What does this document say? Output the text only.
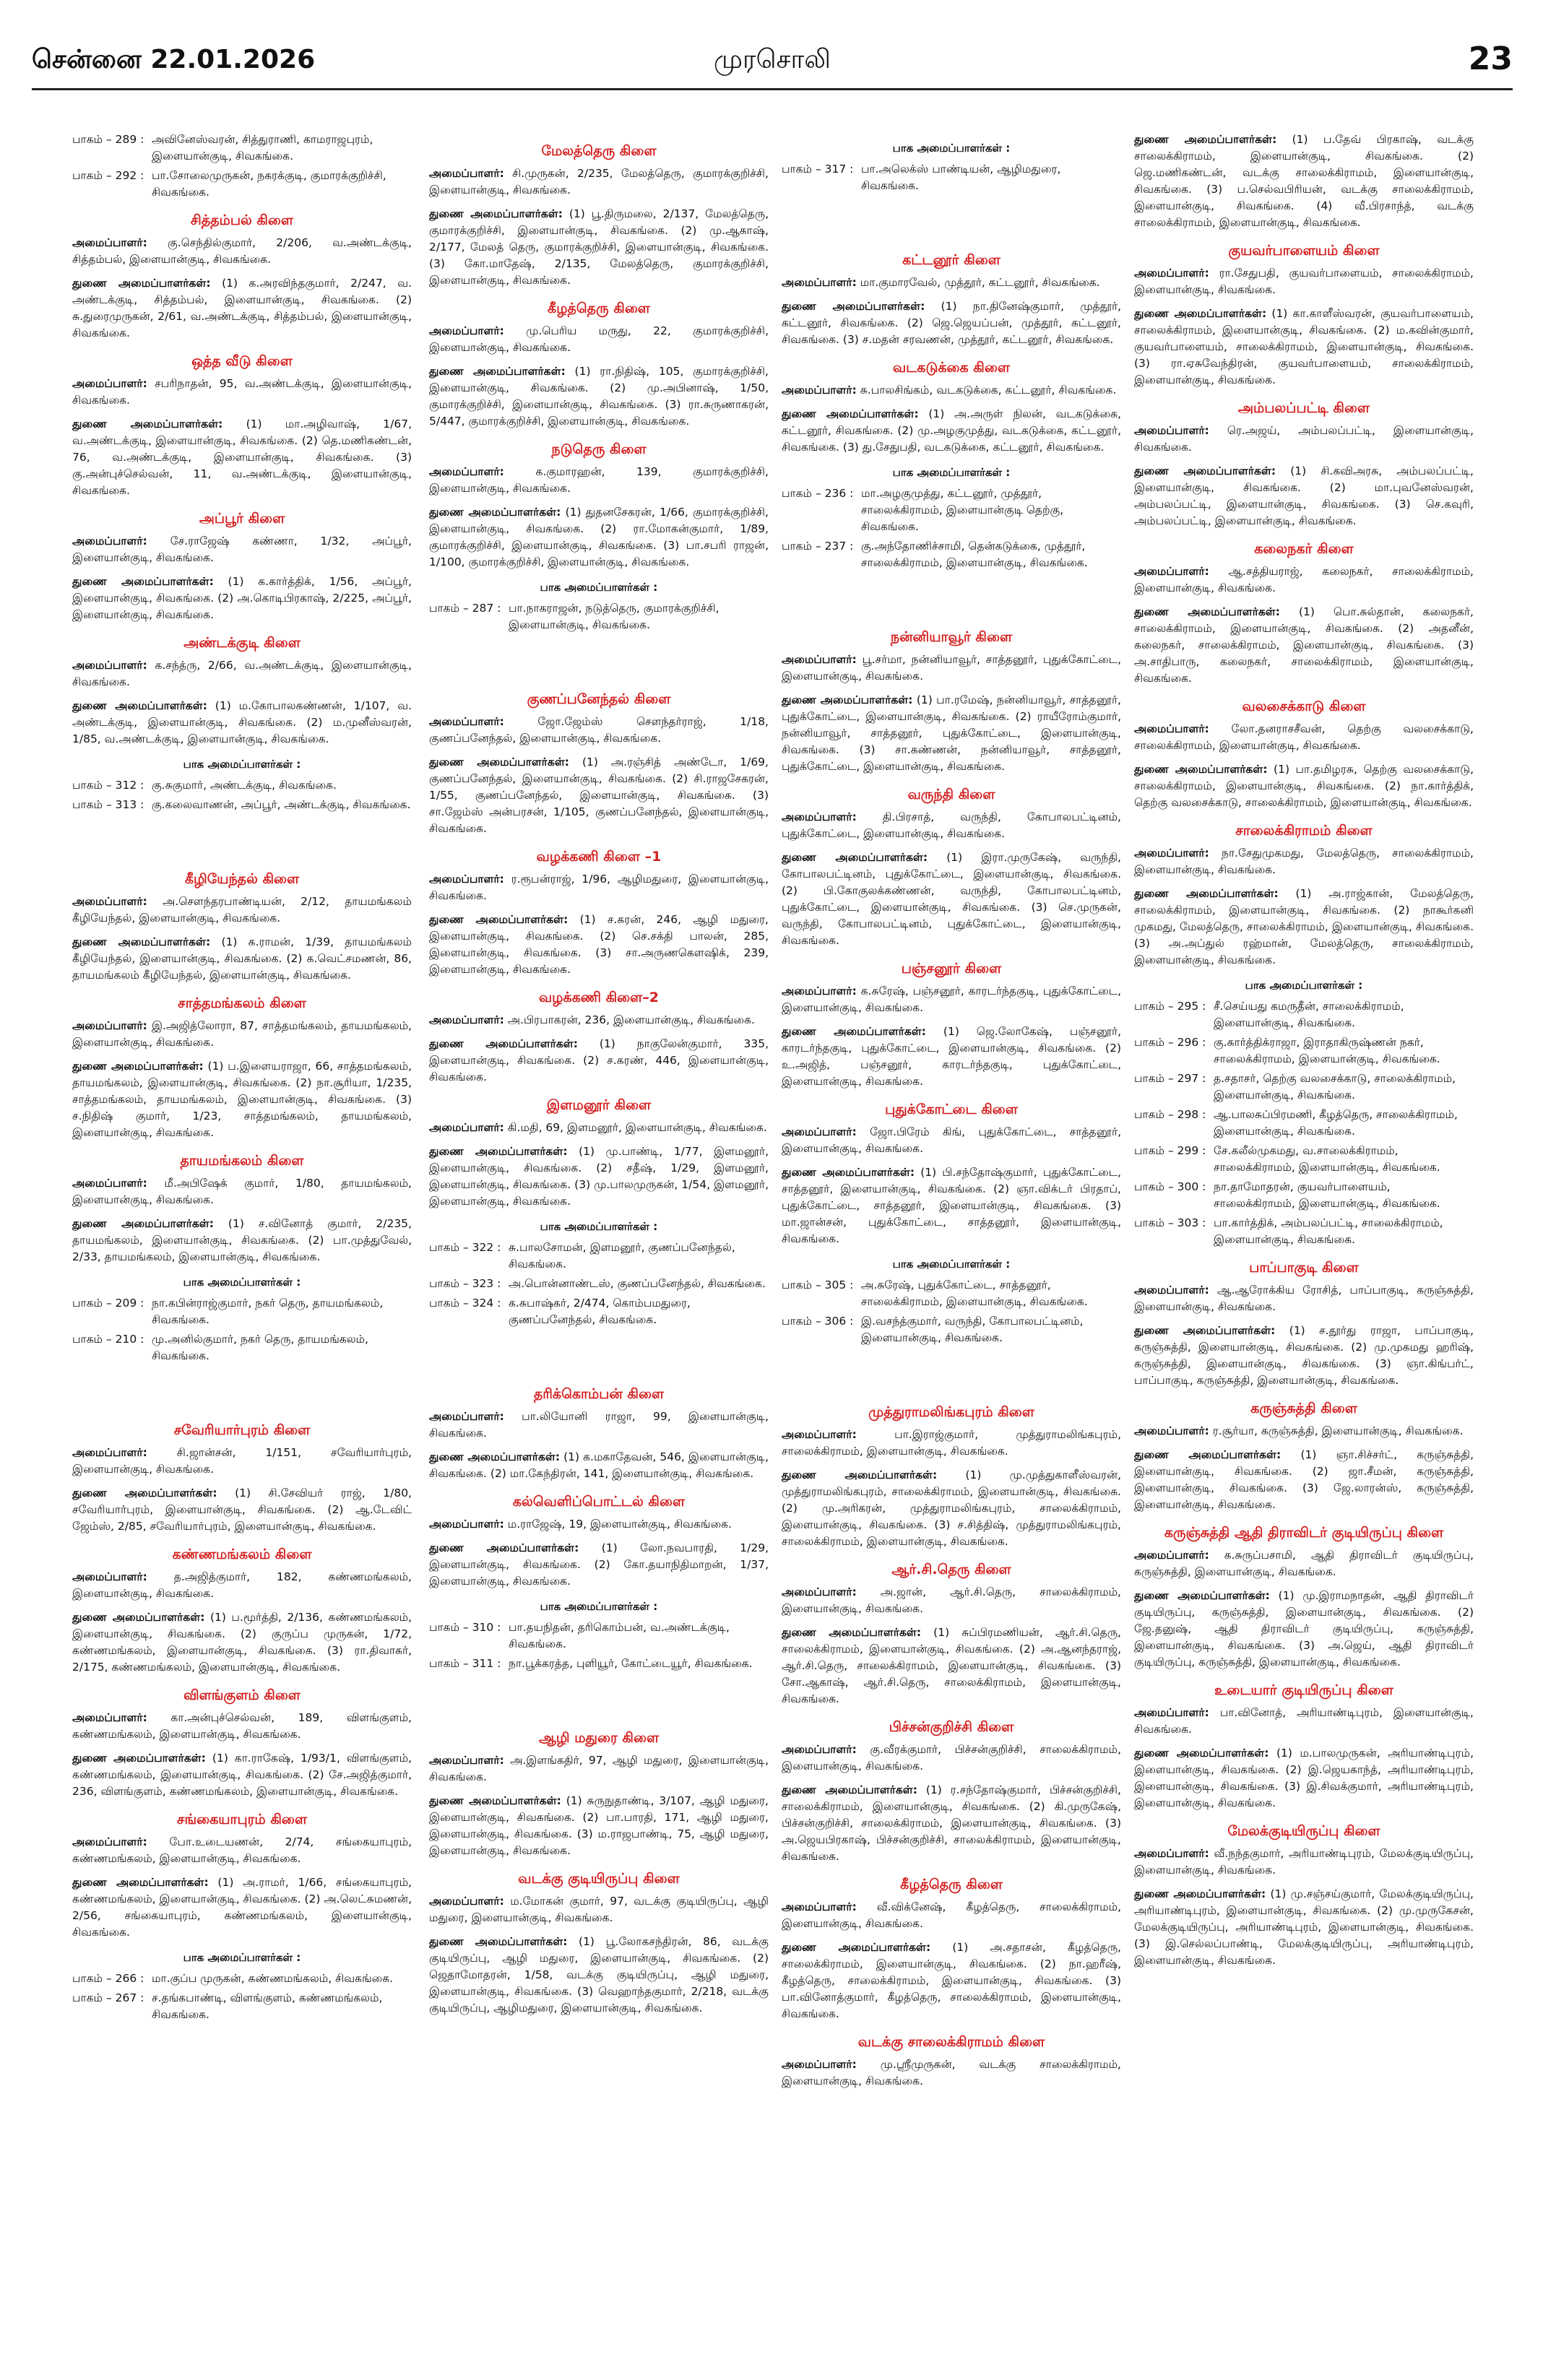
முரசொலி
சென்னை 22.01.2026	23
பாகம் – 289 : அவினேஸ்வரன், சித்துராணி, காமராஜபுரம், இளையான்குடி, சிவகங்கை.
பாகம் – 292 : பா.சோலைமுருகன், நகரக்குடி, குமாரக்குறிச்சி, சிவகங்கை.
சித்தம்பல் கிளை

அமைப்பாளர்: கு.செந்தில்குமார், 2/206, வ.அண்டக்குடி, சித்தம்பல், இளையான்குடி, சிவகங்கை.

துணை அமைப்பாளர்கள்: (1) க.அரவிந்தகுமார், 2/247, வ. அண்டக்குடி, சித்தம்பல், இளையான்குடி, சிவகங்கை. (2) சு.துரைமுருகன், 2/61, வ.அண்டக்குடி, சித்தம்பல், இளையான்குடி, சிவகங்கை.

ஒத்த வீடு கிளை

அமைப்பாளர்: சபரிநாதன், 95, வ.அண்டக்குடி, இளையான்குடி, சிவகங்கை.

துணை அமைப்பாளர்கள்: (1) மா.அழிவாஷ், 1/67, வ.அண்டக்குடி, இளையான்குடி, சிவகங்கை. (2) தெ.மணிகண்டன், 76, வ.அண்டக்குடி, இளையான்குடி, சிவகங்கை. (3) கு.அன்புச்செல்வன், 11, வ.அண்டக்குடி, இளையான்குடி, சிவகங்கை.

அப்பூர் கிளை

அமைப்பாளர்: சே.ராஜேஷ் கண்ணா, 1/32, அப்பூர், இளையான்குடி, சிவகங்கை.

துணை அமைப்பாளர்கள்: (1) க.கார்த்திக், 1/56, அப்பூர், இளையான்குடி, சிவகங்கை. (2) அ.கொடிபிரகாஷ், 2/225, அப்பூர், இளையான்குடி, சிவகங்கை.

அண்டக்குடி கிளை

அமைப்பாளர்: க.சந்த்ரு, 2/66, வ.அண்டக்குடி, இளையான்குடி, சிவகங்கை.

துணை அமைப்பாளர்கள்: (1) ம.கோபாலகண்ணன், 1/107, வ. அண்டக்குடி, இளையான்குடி, சிவகங்கை. (2) ம.முனீஸ்வரன், 1/85, வ.அண்டக்குடி, இளையான்குடி, சிவகங்கை.

பாக அமைப்பாளர்கள் :
பாகம் – 312 : கு.சுகுமார், அண்டக்குடி, சிவகங்கை.
பாகம் – 313 : கு.கலைவாணன், அப்பூர், அண்டக்குடி, சிவகங்கை.
கீழியேந்தல் கிளை

அமைப்பாளர்: அ.சௌந்தரபாண்டியன், 2/12, தாயமங்கலம் கீழியேந்தல், இளையான்குடி, சிவகங்கை.

துணை அமைப்பாளர்கள்: (1) க.ராமன், 1/39, தாயமங்கலம் கீழியேந்தல், இளையான்குடி, சிவகங்கை. (2) க.வெட்சமணன், 86, தாயமங்கலம் கீழியேந்தல், இளையான்குடி, சிவகங்கை.

சாத்தமங்கலம் கிளை

அமைப்பாளர்: இ.அஜித்லோரா, 87, சாத்தமங்கலம், தாயமங்கலம், இளையான்குடி, சிவகங்கை.

துணை அமைப்பாளர்கள்: (1) ப.இளையராஜா, 66, சாத்தமங்கலம், தாயமங்கலம், இளையான்குடி, சிவகங்கை. (2) நா.சூரியா, 1/235, சாத்தமங்கலம், தாயமங்கலம், இளையான்குடி, சிவகங்கை. (3) ச.நிதிஷ் குமார், 1/23, சாத்தமங்கலம், தாயமங்கலம், இளையான்குடி, சிவகங்கை.

தாயமங்கலம் கிளை

அமைப்பாளர்: மீ.அபிஷேக் குமார், 1/80, தாயமங்கலம், இளையான்குடி, சிவகங்கை.

துணை அமைப்பாளர்கள்: (1) ச.வினோத் குமார், 2/235, தாயமங்கலம், இளையான்குடி, சிவகங்கை. (2) பா.முத்துவேல், 2/33, தாயமங்கலம், இளையான்குடி, சிவகங்கை.

பாக அமைப்பாளர்கள் :
பாகம் – 209 : நா.கபின்ராஜ்குமார், நகர் தெரு, தாயமங்கலம், சிவகங்கை.
பாகம் – 210 : மு.அனில்குமார், நகர் தெரு, தாயமங்கலம், சிவகங்கை.
சவேரியார்புரம் கிளை

அமைப்பாளர்:	சி.ஜான்சன், 1/151, சவேரியார்புரம், இளையான்குடி, சிவகங்கை.

துணை அமைப்பாளர்கள்: (1) சி.சேவியர் ராஜ், 1/80, சவேரியார்புரம், இளையான்குடி, சிவகங்கை. (2) ஆ.டேவிட் ஜேம்ஸ், 2/85, சவேரியார்புரம், இளையான்குடி, சிவகங்கை.

கண்ணமங்கலம் கிளை

அமைப்பாளர்: த.அஜித்குமார், 182, கண்ணமங்கலம், இளையான்குடி, சிவகங்கை.

துணை அமைப்பாளர்கள்: (1) ப.மூர்த்தி, 2/136, கண்ணமங்கலம், இளையான்குடி, சிவகங்கை. (2) குருப்ப முருகன், 1/72, கண்ணமங்கலம், இளையான்குடி, சிவகங்கை. (3) ரா.திவாகர், 2/175, கண்ணமங்கலம், இளையான்குடி, சிவகங்கை.

விளங்குளம் கிளை

அமைப்பாளர்: கா.அன்புச்செல்வன், 189, விளங்குளம், கண்ணமங்கலம், இளையான்குடி, சிவகங்கை.

துணை அமைப்பாளர்கள்: (1) கா.ராகேஷ், 1/93/1, விளங்குளம், கண்ணமங்கலம், இளையான்குடி, சிவகங்கை. (2) சே.அஜித்குமார், 236, விளங்குளம், கண்ணமங்கலம், இளையான்குடி, சிவகங்கை.

சங்கையாபுரம் கிளை

அமைப்பாளர்: போ.உடையணன், 2/74, சங்கையாபுரம், கண்ணமங்கலம், இளையான்குடி, சிவகங்கை.

துணை அமைப்பாளர்கள்: (1) அ.ராமர், 1/66, சங்கையாபுரம், கண்ணமங்கலம், இளையான்குடி, சிவகங்கை. (2) அ.லெட்சுமணன், 2/56, சங்கையாபுரம், கண்ணமங்கலம், இளையான்குடி, சிவகங்கை.

பாக அமைப்பாளர்கள் :
பாகம் – 266 : மா.குப்ப முருகன், கண்ணமங்கலம், சிவகங்கை.
பாகம் – 267 : ச.தங்கபாண்டி, விளங்குளம், கண்ணமங்கலம், சிவகங்கை.
மேலத்தெரு கிளை

அமைப்பாளர்: சி.முருகன், 2/235, மேலத்தெரு, குமாரக்குறிச்சி, இளையான்குடி, சிவகங்கை.

துணை அமைப்பாளர்கள்: (1) பூ.திருமலை, 2/137, மேலத்தெரு, குமாரக்குறிச்சி, இளையான்குடி, சிவகங்கை. (2) மு.ஆகாஷ், 2/177, மேலத் தெரு, குமாரக்குறிச்சி, இளையான்குடி, சிவகங்கை. (3) கோ.மாதேஷ், 2/135, மேலத்தெரு, குமாரக்குறிச்சி, இளையான்குடி, சிவகங்கை.

கீழத்தெரு கிளை

அமைப்பாளர்: மு.பெரிய மருது, 22, குமாரக்குறிச்சி, இளையான்குடி, சிவகங்கை.

துணை அமைப்பாளர்கள்: (1) ரா.நிதிஷ், 105, குமாரக்குறிச்சி, இளையான்குடி, சிவகங்கை. (2) மு.அபினாஷ், 1/50, குமாரக்குறிச்சி, இளையான்குடி, சிவகங்கை. (3) ரா.சுருணாகரன், 5/447, குமாரக்குறிச்சி, இளையான்குடி, சிவகங்கை.

நடுதெரு கிளை

அமைப்பாளர்:	க.குமாரஹன், 139, குமாரக்குறிச்சி, இளையான்குடி, சிவகங்கை.

துணை அமைப்பாளர்கள்: (1) துதனசேகரன், 1/66, குமாரக்குறிச்சி, இளையான்குடி, சிவகங்கை. (2) ரா.மோகன்குமார், 1/89, குமாரக்குறிச்சி, இளையான்குடி, சிவகங்கை. (3) பா.சபரி ராஜன், 1/100, குமாரக்குறிச்சி, இளையான்குடி, சிவகங்கை.

பாக அமைப்பாளர்கள் :
பாகம் – 287 : பா.நாகராஜன், நடுத்தெரு, குமாரக்குறிச்சி, இளையான்குடி, சிவகங்கை.
குணப்பனேந்தல் கிளை

அமைப்பாளர்:	ஜோ.ஜேம்ஸ் சௌந்தர்ராஜ், 1/18, குணப்பனேந்தல், இளையான்குடி, சிவகங்கை.

துணை அமைப்பாளர்கள்: (1) அ.ரஞ்சித் அண்டோ, 1/69, குணப்பனேந்தல், இளையான்குடி, சிவகங்கை. (2) சி.ராஜசேகரன், 1/55, குணப்பனேந்தல், இளையான்குடி, சிவகங்கை. (3) சா.ஜேம்ஸ் அன்பரசன், 1/105, குணப்பனேந்தல், இளையான்குடி, சிவகங்கை.

வழக்கணி கிளை –1

அமைப்பாளர்: ர.ரூபன்ராஜ், 1/96, ஆழிமதுரை, இளையான்குடி, சிவகங்கை.

துணை அமைப்பாளர்கள்: (1) ச.கரன், 246, ஆழி மதுரை, இளையான்குடி, சிவகங்கை. (2) செ.சக்தி பாலன், 285, இளையான்குடி, சிவகங்கை. (3) சா.அருணகௌஷிக், 239, இளையான்குடி, சிவகங்கை.

வழக்கணி கிளை–2

அமைப்பாளர்: அ.பிரபாகரன், 236, இளையான்குடி, சிவகங்கை.

துணை அமைப்பாளர்கள்: (1) நாகுலேன்குமார், 335, இளையான்குடி, சிவகங்கை. (2) ச.கரண், 446, இளையான்குடி, சிவகங்கை.

இளமனூர் கிளை

அமைப்பாளர்: கி.மதி, 69, இளமனூர், இளையான்குடி, சிவகங்கை.

துணை அமைப்பாளர்கள்: (1) மு.பாண்டி, 1/77, இளமனூர், இளையான்குடி, சிவகங்கை. (2) சதீஷ், 1/29, இளமனூர், இளையான்குடி, சிவகங்கை. (3) மு.பாலமுருகன், 1/54, இளமனூர், இளையான்குடி, சிவகங்கை.

பாக அமைப்பாளர்கள் :
பாகம் – 322 : சு.பாலசோமன், இளமனூர், குணப்பனேந்தல், சிவகங்கை.
பாகம் – 323 : அ.பொன்னாண்டஸ், குணப்பனேந்தல், சிவகங்கை.
பாகம் – 324 : க.சுபாஷ்கர், 2/474, கொம்பமதுரை, குணப்பனேந்தல், சிவகங்கை.
தரிக்கொம்பன் கிளை

அமைப்பாளர்: பா.லியோனி ராஜா, 99, இளையான்குடி, சிவகங்கை.

துணை அமைப்பாளர்கள்: (1) க.மகாதேவன், 546, இளையான்குடி, சிவகங்கை. (2) மா.கேந்திரன், 141, இளையான்குடி, சிவகங்கை.

கல்வெளிப்பொட்டல் கிளை

அமைப்பாளர்: ம.ராஜேஷ், 19, இளையான்குடி, சிவகங்கை.

துணை அமைப்பாளர்கள்: (1) லோ.நவபாரதி, 1/29, இளையான்குடி, சிவகங்கை. (2) கோ.தயாநிதிமாறன், 1/37, இளையான்குடி, சிவகங்கை.

பாக அமைப்பாளர்கள் :
பாகம் – 310 : பா.தயநிதன், தரிகொம்பன், வ.அண்டக்குடி, சிவகங்கை.
பாகம் – 311 : நா.பூக்கரத்த, புளியூர், கோட்டையூர், சிவகங்கை.
ஆழி மதுரை கிளை

அமைப்பாளர்: அ.இளங்கதிர், 97, ஆழி மதுரை, இளையான்குடி, சிவகங்கை.

துணை அமைப்பாளர்கள்: (1) சுருநுதாண்டி, 3/107, ஆழி மதுரை, இளையான்குடி, சிவகங்கை. (2) பா.பாரதி, 171, ஆழி மதுரை, இளையான்குடி, சிவகங்கை. (3) ம.ராஜபாண்டி, 75, ஆழி மதுரை, இளையான்குடி, சிவகங்கை.

வடக்கு குடியிருப்பு கிளை

அமைப்பாளர்: ம.மோகன் குமார், 97, வடக்கு குடியிருப்பு, ஆழி மதுரை, இளையான்குடி, சிவகங்கை.

துணை அமைப்பாளர்கள்: (1) பூ.லோகசந்திரன், 86, வடக்கு குடியிருப்பு, ஆழி மதுரை, இளையான்குடி, சிவகங்கை. (2) ஜெதாமோதரன், 1/58, வடக்கு குடியிருப்பு, ஆழி மதுரை, இளையான்குடி, சிவகங்கை. (3) வெஹாந்தகுமார், 2/218, வடக்கு குடியிருப்பு, ஆழிமதுரை, இளையான்குடி, சிவகங்கை.

பாக அமைப்பாளர்கள் :
பாகம் – 317 : பா.அலெக்ஸ் பாண்டியன், ஆழிமதுரை, சிவகங்கை.
கட்டனூர் கிளை

அமைப்பாளர்: மா.குமாரவேல், முத்தூர், கட்டனூர், சிவகங்கை.

துணை அமைப்பாளர்கள்: (1) நா.தினேஷ்குமார், முத்தூர், கட்டனூர், சிவகங்கை. (2) ஜெ.ஜெயப்பன், முத்தூர், கட்டனூர், சிவகங்கை. (3) ச.மதன் சரவணன், முத்தூர், கட்டனூர், சிவகங்கை.

வடகடுக்கை கிளை

அமைப்பாளர்: சு.பாலசிங்கம், வடகடுக்கை, கட்டனூர், சிவகங்கை.

துணை அமைப்பாளர்கள்: (1) அ.அருள் நிலன், வடகடுக்கை, கட்டனூர், சிவகங்கை. (2) மு.அழகுமுத்து, வடகடுக்கை, கட்டனூர், சிவகங்கை. (3) து.சேதுபதி, வடகடுக்கை, கட்டனூர், சிவகங்கை.

பாக அமைப்பாளர்கள் :
பாகம் – 236 : மா.அழகுமுத்து, கட்டனூர், முத்தூர், சாலைக்கிராமம், இளையான்குடி தெற்கு, சிவகங்கை.
பாகம் – 237 : கு.அந்தோணிச்சாமி, தென்கடுக்கை, முத்தூர், சாலைக்கிராமம், இளையான்குடி, சிவகங்கை.
நன்னியாவூர் கிளை

அமைப்பாளர்: பூ.சர்மா, நன்னியாவூர், சாத்தனூர், புதுக்கோட்டை, இளையான்குடி, சிவகங்கை.

துணை அமைப்பாளர்கள்: (1) பா.ரமேஷ், நன்னியாவூர், சாத்தனூர், புதுக்கோட்டை, இளையான்குடி, சிவகங்கை. (2) ராயீரோம்குமார், நன்னியாவூர், சாத்தனூர், புதுக்கோட்டை, இளையான்குடி, சிவகங்கை. (3) சா.கண்ணன், நன்னியாவூர், சாத்தனூர், புதுக்கோட்டை, இளையான்குடி, சிவகங்கை.

வருந்தி கிளை

அமைப்பாளர்: தி.பிரசாத், வருந்தி, கோபாலபட்டினம், புதுக்கோட்டை, இளையான்குடி, சிவகங்கை.

துணை அமைப்பாளர்கள்: (1) இரா.முருகேஷ், வருந்தி, கோபாலபட்டினம், புதுக்கோட்டை, இளையான்குடி, சிவகங்கை. (2) பி.கோகுலக்கண்ணன், வருந்தி, கோபாலபட்டினம், புதுக்கோட்டை, இளையான்குடி, சிவகங்கை. (3) செ.முருகன், வருந்தி, கோபாலபட்டினம், புதுக்கோட்டை, இளையான்குடி, சிவகங்கை.

பஞ்சனூர் கிளை

அமைப்பாளர்: க.சுரேஷ், பஞ்சனூர், காரடர்ந்தகுடி, புதுக்கோட்டை, இளையான்குடி, சிவகங்கை.

துணை அமைப்பாளர்கள்: (1) ஜெ.லோகேஷ், பஞ்சனூர், காரடர்ந்தகுடி, புதுக்கோட்டை, இளையான்குடி, சிவகங்கை. (2) உ.அஜித், பஞ்சனூர், காரடர்ந்தகுடி, புதுக்கோட்டை, இளையான்குடி, சிவகங்கை.

புதுக்கோட்டை கிளை

அமைப்பாளர்: ஜோ.பிரேம் கிங், புதுக்கோட்டை, சாத்தனூர், இளையான்குடி, சிவகங்கை.

துணை அமைப்பாளர்கள்: (1) பி.சந்தோஷ்குமார், புதுக்கோட்டை, சாத்தனூர், இளையான்குடி, சிவகங்கை. (2) ஞா.விக்டர் பிரதாப், புதுக்கோட்டை, சாத்தனூர், இளையான்குடி, சிவகங்கை. (3) மா.ஜான்சன், புதுக்கோட்டை, சாத்தனூர், இளையான்குடி, சிவகங்கை.

பாக அமைப்பாளர்கள் :
பாகம் – 305 : அ.சுரேஷ், புதுக்கோட்டை, சாத்தனூர், சாலைக்கிராமம், இளையான்குடி, சிவகங்கை.
பாகம் – 306 : இ.வசந்த்குமார், வருந்தி, கோபாலபட்டினம், இளையான்குடி, சிவகங்கை.
முத்துராமலிங்கபுரம் கிளை

அமைப்பாளர்:	பா.இராஜ்குமார், முத்துராமலிங்கபுரம், சாலைக்கிராமம், இளையான்குடி, சிவகங்கை.

துணை அமைப்பாளர்கள்:	(1) மு.முத்துகாளீஸ்வரன், முத்துராமலிங்கபுரம், சாலைக்கிராமம், இளையான்குடி, சிவகங்கை. (2) மு.அரிகரன், முத்துராமலிங்கபுரம், சாலைக்கிராமம், இளையான்குடி, சிவகங்கை. (3) ச.சித்திஷ், முத்துராமலிங்கபுரம், சாலைக்கிராமம், இளையான்குடி, சிவகங்கை.

ஆர்.சி.தெரு கிளை

அமைப்பாளர்: அ.ஜான், ஆர்.சி.தெரு, சாலைக்கிராமம், இளையான்குடி, சிவகங்கை.

துணை அமைப்பாளர்கள்: (1) சுப்பிரமணியன், ஆர்.சி.தெரு, சாலைக்கிராமம், இளையான்குடி, சிவகங்கை. (2) அ.ஆனந்தராஜ், ஆர்.சி.தெரு, சாலைக்கிராமம், இளையான்குடி, சிவகங்கை. (3) சோ.ஆகாஷ், ஆர்.சி.தெரு, சாலைக்கிராமம், இளையான்குடி, சிவகங்கை.

பிச்சன்குறிச்சி கிளை

அமைப்பாளர்: கு.வீரக்குமார், பிச்சன்குறிச்சி, சாலைக்கிராமம், இளையான்குடி, சிவகங்கை.

துணை அமைப்பாளர்கள்: (1) ர.சந்தோஷ்குமார், பிச்சன்குறிச்சி, சாலைக்கிராமம், இளையான்குடி, சிவகங்கை. (2) கி.முருகேஷ், பிச்சன்குறிச்சி, சாலைக்கிராமம், இளையான்குடி, சிவகங்கை. (3) அ.ஜெயபிரகாஷ், பிச்சன்குறிச்சி, சாலைக்கிராமம், இளையான்குடி, சிவகங்கை.

கீழத்தெரு கிளை

அமைப்பாளர்: வீ.விக்னேஷ், கீழத்தெரு, சாலைக்கிராமம், இளையான்குடி, சிவகங்கை.

துணை அமைப்பாளர்கள்: (1) அ.சதாசன், கீழத்தெரு, சாலைக்கிராமம், இளையான்குடி, சிவகங்கை. (2) நா.ஹரீஷ், கீழத்தெரு, சாலைக்கிராமம், இளையான்குடி, சிவகங்கை. (3) பா.வினோத்குமார், கீழத்தெரு, சாலைக்கிராமம், இளையான்குடி, சிவகங்கை.

வடக்கு சாலைக்கிராமம் கிளை

அமைப்பாளர்: மு.ஸ்ரீமுருகன், வடக்கு சாலைக்கிராமம், இளையான்குடி, சிவகங்கை.

துணை அமைப்பாளர்கள்: (1) ப.தேவ் பிரகாஷ், வடக்கு சாலைக்கிராமம், இளையான்குடி, சிவகங்கை. (2) ஜெ.மணிகண்டன், வடக்கு சாலைக்கிராமம், இளையான்குடி, சிவகங்கை. (3) ப.செல்வபிரியன், வடக்கு சாலைக்கிராமம், இளையான்குடி, சிவகங்கை. (4) வீ.பிரசாந்த், வடக்கு சாலைக்கிராமம், இளையான்குடி, சிவகங்கை.

குயவர்பாளையம் கிளை

அமைப்பாளர்: ரா.சேதுபதி, குயவர்பாளையம், சாலைக்கிராமம், இளையான்குடி, சிவகங்கை.

துணை அமைப்பாளர்கள்: (1) கா.காளீஸ்வரன், குயவர்பாளையம், சாலைக்கிராமம், இளையான்குடி, சிவகங்கை. (2) ம.கவின்குமார், குயவர்பாளையம், சாலைக்கிராமம், இளையான்குடி, சிவகங்கை. (3) ரா.ஏசுவேந்திரன், குயவர்பாளையம், சாலைக்கிராமம், இளையான்குடி, சிவகங்கை.

அம்பலப்பட்டி கிளை

அமைப்பாளர்: ரெ.அஜய், அம்பலப்பட்டி, இளையான்குடி, சிவகங்கை.

துணை அமைப்பாளர்கள்: (1) சி.கவிஅரசு, அம்பலப்பட்டி, இளையான்குடி, சிவகங்கை. (2) மா.புவனேஸ்வரன், அம்பலப்பட்டி, இளையான்குடி, சிவகங்கை. (3) செ.கவுரி, அம்பலப்பட்டி, இளையான்குடி, சிவகங்கை.

கலைநகர் கிளை

அமைப்பாளர்: ஆ.சத்தியராஜ், கலைநகர், சாலைக்கிராமம், இளையான்குடி, சிவகங்கை.

துணை அமைப்பாளர்கள்: (1) பொ.சுல்தான், கலைநகர், சாலைக்கிராமம், இளையான்குடி, சிவகங்கை. (2) அதனீன், கலைநகர், சாலைக்கிராமம், இளையான்குடி, சிவகங்கை. (3) அ.சாதிபாரு, கலைநகர், சாலைக்கிராமம், இளையான்குடி, சிவகங்கை.

வலசைக்காடு கிளை

அமைப்பாளர்: லோ.தனராசசீவன், தெற்கு வலசைக்காடு, சாலைக்கிராமம், இளையான்குடி, சிவகங்கை.

துணை அமைப்பாளர்கள்: (1) பா.தமிழரசு, தெற்கு வலசைக்காடு, சாலைக்கிராமம், இளையான்குடி, சிவகங்கை. (2) நா.கார்த்திக், தெற்கு வலசைக்காடு, சாலைக்கிராமம், இளையான்குடி, சிவகங்கை.

சாலைக்கிராமம் கிளை

அமைப்பாளர்: நா.சேதுமுகமது, மேலத்தெரு, சாலைக்கிராமம், இளையான்குடி, சிவகங்கை.

துணை அமைப்பாளர்கள்: (1) அ.ராஜ்கான், மேலத்தெரு, சாலைக்கிராமம், இளையான்குடி, சிவகங்கை. (2) நாகூர்கனி முகமது, மேலத்தெரு, சாலைக்கிராமம், இளையான்குடி, சிவகங்கை. (3) அ.அப்துல் ரஹ்மான், மேலத்தெரு, சாலைக்கிராமம், இளையான்குடி, சிவகங்கை.

பாக அமைப்பாளர்கள் :
பாகம் – 295 : சீ.செய்யது கமருதீன், சாலைக்கிராமம், இளையான்குடி, சிவகங்கை.
பாகம் – 296 : கு.கார்த்திக்ராஜா, இராதாகிருஷ்ணன் நகர், சாலைக்கிராமம், இளையான்குடி, சிவகங்கை.
பாகம் – 297 : த.சதாசர், தெற்கு வலசைக்காடு, சாலைக்கிராமம், இளையான்குடி, சிவகங்கை.
பாகம் – 298 : ஆ.பாலசுப்பிரமணி, கீழத்தெரு, சாலைக்கிராமம், இளையான்குடி, சிவகங்கை.
பாகம் – 299 : சே.கலீல்முகமது, வ.சாலைக்கிராமம், சாலைக்கிராமம், இளையான்குடி, சிவகங்கை.
பாகம் – 300 : நா.தாமோதரன், குயவர்பாளையம், சாலைக்கிராமம், இளையான்குடி, சிவகங்கை.
பாகம் – 303 : பா.கார்த்திக், அம்பலப்பட்டி, சாலைக்கிராமம், இளையான்குடி, சிவகங்கை.
பாப்பாகுடி கிளை

அமைப்பாளர்: ஆ.ஆரோக்கிய ரோசித், பாப்பாகுடி, கருஞ்சுத்தி, இளையான்குடி, சிவகங்கை.

துணை அமைப்பாளர்கள்: (1) ச.தூர்து ராஜா, பாப்பாகுடி, கருஞ்சுத்தி, இளையான்குடி, சிவகங்கை. (2) மு.முகமது ஹரிஷ், கருஞ்சுத்தி, இளையான்குடி, சிவகங்கை. (3) ஞா.கிங்பர்ட், பாப்பாகுடி, கருஞ்சுத்தி, இளையான்குடி, சிவகங்கை.

கருஞ்சுத்தி கிளை

அமைப்பாளர்: ர.சூர்யா, கருஞ்சுத்தி, இளையான்குடி, சிவகங்கை.

துணை அமைப்பாளர்கள்: (1) ஞா.சிச்சர்ட், கருஞ்சுத்தி, இளையான்குடி, சிவகங்கை. (2) ஜா.சீமன், கருஞ்சுத்தி, இளையான்குடி, சிவகங்கை. (3) ஜே.லாரன்ஸ், கருஞ்சுத்தி, இளையான்குடி, சிவகங்கை.

கருஞ்சுத்தி ஆதி திராவிடர் குடியிருப்பு கிளை

அமைப்பாளர்: க.சுருப்பசாமி, ஆதி திராவிடர் குடியிருப்பு, கருஞ்சுத்தி, இளையான்குடி, சிவகங்கை.

துணை அமைப்பாளர்கள்: (1) மு.இராமநாதன், ஆதி திராவிடர் குடியிருப்பு, கருஞ்சுத்தி, இளையான்குடி, சிவகங்கை. (2) ஜே.தனுஷ், ஆதி திராவிடர் குடியிருப்பு, கருஞ்சுத்தி, இளையான்குடி, சிவகங்கை. (3) அ.ஜெய், ஆதி திராவிடர் குடியிருப்பு, கருஞ்சுத்தி, இளையான்குடி, சிவகங்கை.

உடையார் குடியிருப்பு கிளை

அமைப்பாளர்: பா.வினோத், அரியாண்டிபுரம், இளையான்குடி, சிவகங்கை.

துணை அமைப்பாளர்கள்: (1) ம.பாலமுருகன், அரியாண்டிபுரம், இளையான்குடி, சிவகங்கை. (2) இ.ஜெயகாந்த், அரியாண்டிபுரம், இளையான்குடி, சிவகங்கை. (3) இ.சிவக்குமார், அரியாண்டிபுரம், இளையான்குடி, சிவகங்கை.

மேலக்குடியிருப்பு கிளை

அமைப்பாளர்: வீ.நந்தகுமார், அரியாண்டிபுரம், மேலக்குடியிருப்பு, இளையான்குடி, சிவகங்கை.

துணை அமைப்பாளர்கள்: (1) மு.சஞ்சய்குமார், மேலக்குடியிருப்பு, அரியாண்டிபுரம், இளையான்குடி, சிவகங்கை. (2) மு.முருகேசன், மேலக்குடியிருப்பு, அரியாண்டிபுரம், இளையான்குடி, சிவகங்கை. (3) இ.செல்லப்பாண்டி, மேலக்குடியிருப்பு, அரியாண்டிபுரம், இளையான்குடி, சிவகங்கை.
